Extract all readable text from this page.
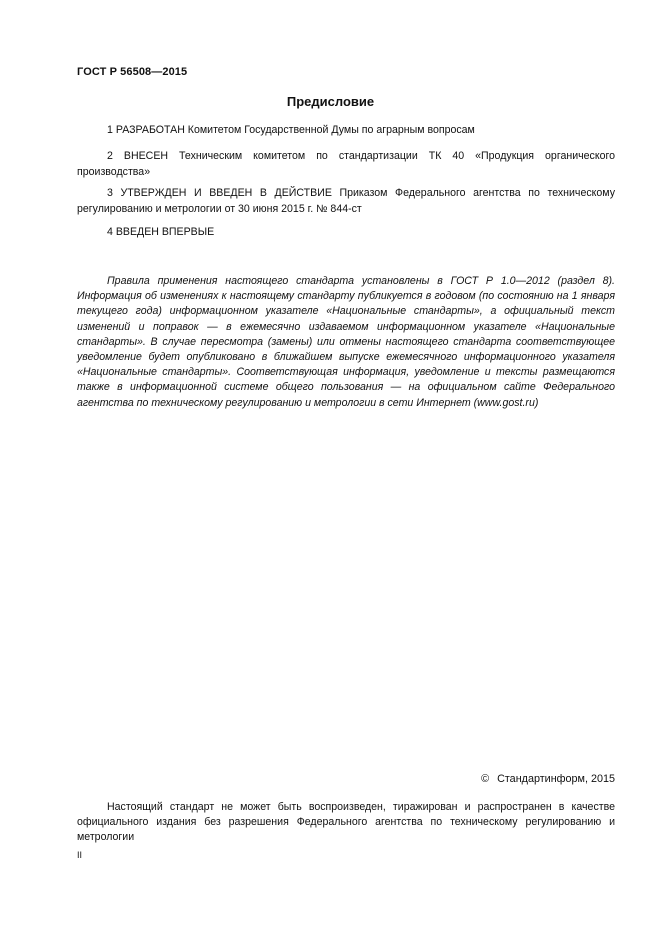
ГОСТ Р 56508—2015
Предисловие
1 РАЗРАБОТАН Комитетом Государственной Думы по аграрным вопросам
2 ВНЕСЕН Техническим комитетом по стандартизации ТК 40 «Продукция органического производства»
3 УТВЕРЖДЕН И ВВЕДЕН В ДЕЙСТВИЕ Приказом Федерального агентства по техническому регулированию и метрологии от 30 июня 2015 г. № 844-ст
4 ВВЕДЕН ВПЕРВЫЕ
Правила применения настоящего стандарта установлены в ГОСТ Р 1.0—2012 (раздел 8). Информация об изменениях к настоящему стандарту публикуется в годовом (по состоянию на 1 января текущего года) информационном указателе «Национальные стандарты», а официальный текст изменений и поправок — в ежемесячно издаваемом информационном указателе «Национальные стандарты». В случае пересмотра (замены) или отмены настоящего стандарта соответствующее уведомление будет опубликовано в ближайшем выпуске ежемесячного информационного указателя «Национальные стандарты». Соответствующая информация, уведомление и тексты размещаются также в информационной системе общего пользования — на официальном сайте Федерального агентства по техническому регулированию и метрологии в сети Интернет (www.gost.ru)
© Стандартинформ, 2015
Настоящий стандарт не может быть воспроизведен, тиражирован и распространен в качестве официального издания без разрешения Федерального агентства по техническому регулированию и метрологии
II
